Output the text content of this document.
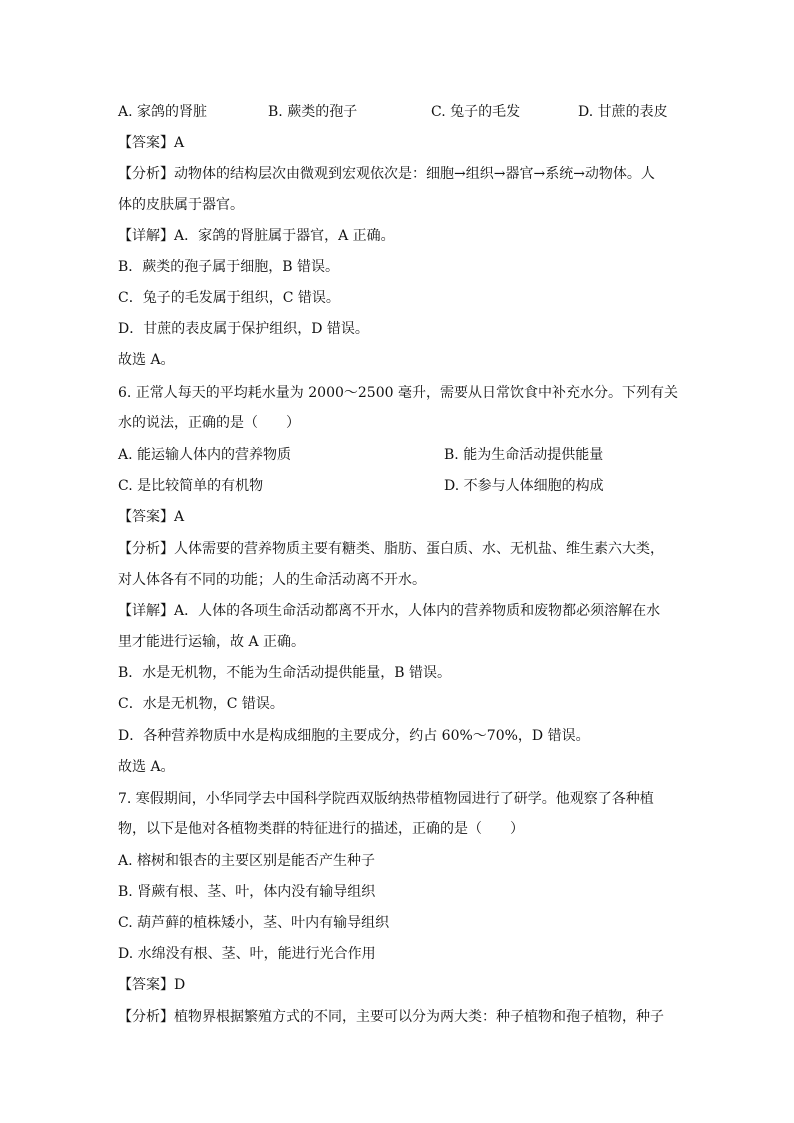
A. 家鸽的肾脏	B. 蕨类的孢子	C. 兔子的毛发	D. 甘蔗的表皮
【答案】A
【分析】动物体的结构层次由微观到宏观依次是：细胞→组织→器官→系统→动物体。人
体的皮肤属于器官。
【详解】A．家鸽的肾脏属于器官，A 正确。
B．蕨类的孢子属于细胞，B 错误。
C．兔子的毛发属于组织，C 错误。
D．甘蔗的表皮属于保护组织，D 错误。
故选 A。
6. 正常人每天的平均耗水量为 2000～2500 毫升，需要从日常饮食中补充水分。下列有关
水的说法，正确的是（　　）
A. 能运输人体内的营养物质	B. 能为生命活动提供能量
C. 是比较简单的有机物	D. 不参与人体细胞的构成
【答案】A
【分析】人体需要的营养物质主要有糖类、脂肪、蛋白质、水、无机盐、维生素六大类，
对人体各有不同的功能；人的生命活动离不开水。
【详解】A．人体的各项生命活动都离不开水，人体内的营养物质和废物都必须溶解在水
里才能进行运输，故 A 正确。
B．水是无机物，不能为生命活动提供能量，B 错误。
C．水是无机物，C 错误。
D．各种营养物质中水是构成细胞的主要成分，约占 60%～70%，D 错误。
故选 A。
7. 寒假期间，小华同学去中国科学院西双版纳热带植物园进行了研学。他观察了各种植
物，以下是他对各植物类群的特征进行的描述，正确的是（　　）
A. 榕树和银杏的主要区别是能否产生种子
B. 肾蕨有根、茎、叶，体内没有输导组织
C. 葫芦藓的植株矮小，茎、叶内有输导组织
D. 水绵没有根、茎、叶，能进行光合作用
【答案】D
【分析】植物界根据繁殖方式的不同，主要可以分为两大类：种子植物和孢子植物，种子
